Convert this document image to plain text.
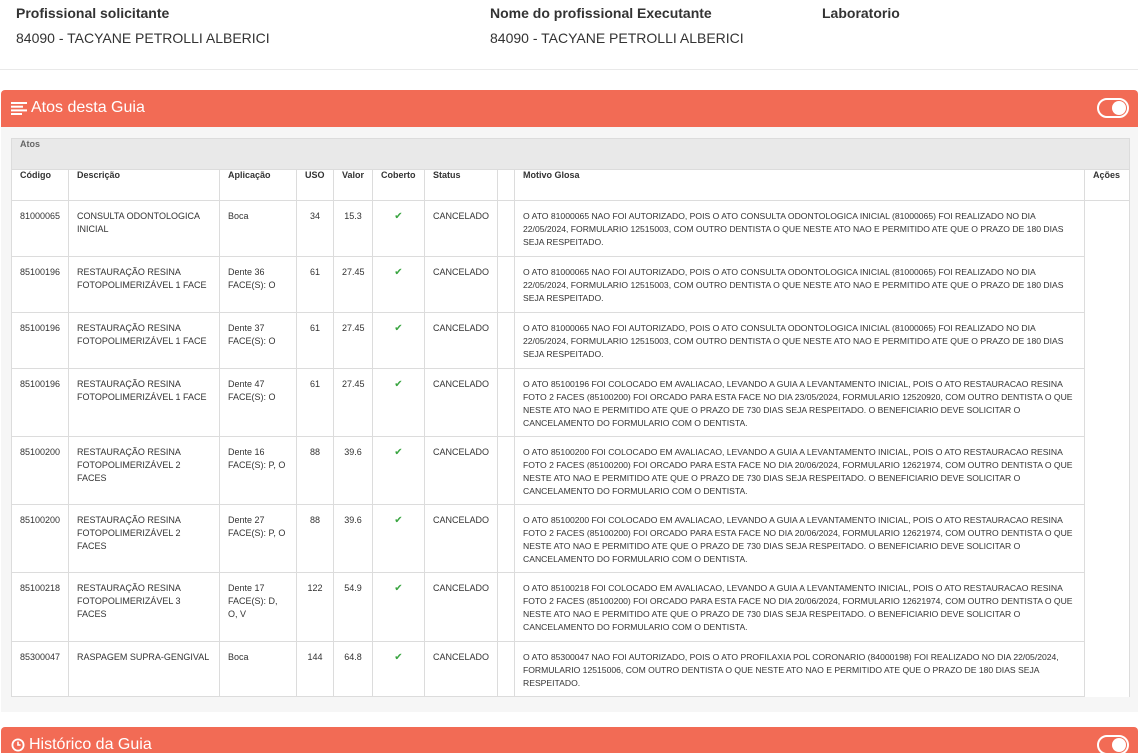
Profissional solicitante
84090 - TACYANE PETROLLI ALBERICI
Nome do profissional Executante
84090 - TACYANE PETROLLI ALBERICI
Laboratorio
Atos desta Guia
Atos									
Código	Descrição	Aplicação	USO	Valor	Coberto	Status		Motivo Glosa	Ações
81000065	CONSULTA ODONTOLOGICA INICIAL	Boca	34	15.3	✔	CANCELADO		O ATO 81000065 NAO FOI AUTORIZADO, POIS O ATO CONSULTA ODONTOLOGICA INICIAL (81000065) FOI REALIZADO NO DIA 22/05/2024, FORMULARIO 12515003, COM OUTRO DENTISTA O QUE NESTE ATO NAO E PERMITIDO ATE QUE O PRAZO DE 180 DIAS SEJA RESPEITADO.	
85100196	RESTAURAÇÃO RESINA FOTOPOLIMERIZÁVEL 1 FACE	Dente 36 FACE(S): O	61	27.45	✔	CANCELADO		O ATO 81000065 NAO FOI AUTORIZADO, POIS O ATO CONSULTA ODONTOLOGICA INICIAL (81000065) FOI REALIZADO NO DIA 22/05/2024, FORMULARIO 12515003, COM OUTRO DENTISTA O QUE NESTE ATO NAO E PERMITIDO ATE QUE O PRAZO DE 180 DIAS SEJA RESPEITADO.	
85100196	RESTAURAÇÃO RESINA FOTOPOLIMERIZÁVEL 1 FACE	Dente 37 FACE(S): O	61	27.45	✔	CANCELADO		O ATO 81000065 NAO FOI AUTORIZADO, POIS O ATO CONSULTA ODONTOLOGICA INICIAL (81000065) FOI REALIZADO NO DIA 22/05/2024, FORMULARIO 12515003, COM OUTRO DENTISTA O QUE NESTE ATO NAO E PERMITIDO ATE QUE O PRAZO DE 180 DIAS SEJA RESPEITADO.	
85100196	RESTAURAÇÃO RESINA FOTOPOLIMERIZÁVEL 1 FACE	Dente 47 FACE(S): O	61	27.45	✔	CANCELADO		O ATO 85100196 FOI COLOCADO EM AVALIACAO, LEVANDO A GUIA A LEVANTAMENTO INICIAL, POIS O ATO RESTAURACAO RESINA FOTO 2 FACES (85100200) FOI ORCADO PARA ESTA FACE NO DIA 23/05/2024, FORMULARIO 12520920, COM OUTRO DENTISTA O QUE NESTE ATO NAO E PERMITIDO ATE QUE O PRAZO DE 730 DIAS SEJA RESPEITADO. O BENEFICIARIO DEVE SOLICITAR O CANCELAMENTO DO FORMULARIO COM O DENTISTA.	
85100200	RESTAURAÇÃO RESINA FOTOPOLIMERIZÁVEL 2 FACES	Dente 16 FACE(S): P, O	88	39.6	✔	CANCELADO		O ATO 85100200 FOI COLOCADO EM AVALIACAO, LEVANDO A GUIA A LEVANTAMENTO INICIAL, POIS O ATO RESTAURACAO RESINA FOTO 2 FACES (85100200) FOI ORCADO PARA ESTA FACE NO DIA 20/06/2024, FORMULARIO 12621974, COM OUTRO DENTISTA O QUE NESTE ATO NAO E PERMITIDO ATE QUE O PRAZO DE 730 DIAS SEJA RESPEITADO. O BENEFICIARIO DEVE SOLICITAR O CANCELAMENTO DO FORMULARIO COM O DENTISTA.	
85100200	RESTAURAÇÃO RESINA FOTOPOLIMERIZÁVEL 2 FACES	Dente 27 FACE(S): P, O	88	39.6	✔	CANCELADO		O ATO 85100200 FOI COLOCADO EM AVALIACAO, LEVANDO A GUIA A LEVANTAMENTO INICIAL, POIS O ATO RESTAURACAO RESINA FOTO 2 FACES (85100200) FOI ORCADO PARA ESTA FACE NO DIA 20/06/2024, FORMULARIO 12621974, COM OUTRO DENTISTA O QUE NESTE ATO NAO E PERMITIDO ATE QUE O PRAZO DE 730 DIAS SEJA RESPEITADO. O BENEFICIARIO DEVE SOLICITAR O CANCELAMENTO DO FORMULARIO COM O DENTISTA.	
85100218	RESTAURAÇÃO RESINA FOTOPOLIMERIZÁVEL 3 FACES	Dente 17 FACE(S): D, O, V	122	54.9	✔	CANCELADO		O ATO 85100218 FOI COLOCADO EM AVALIACAO, LEVANDO A GUIA A LEVANTAMENTO INICIAL, POIS O ATO RESTAURACAO RESINA FOTO 2 FACES (85100200) FOI ORCADO PARA ESTA FACE NO DIA 20/06/2024, FORMULARIO 12621974, COM OUTRO DENTISTA O QUE NESTE ATO NAO E PERMITIDO ATE QUE O PRAZO DE 730 DIAS SEJA RESPEITADO. O BENEFICIARIO DEVE SOLICITAR O CANCELAMENTO DO FORMULARIO COM O DENTISTA.	
85300047	RASPAGEM SUPRA-GENGIVAL	Boca	144	64.8	✔	CANCELADO		O ATO 85300047 NAO FOI AUTORIZADO, POIS O ATO PROFILAXIA POL CORONARIO (84000198) FOI REALIZADO NO DIA 22/05/2024, FORMULARIO 12515006, COM OUTRO DENTISTA O QUE NESTE ATO NAO E PERMITIDO ATE QUE O PRAZO DE 180 DIAS SEJA RESPEITADO.	
Histórico da Guia
